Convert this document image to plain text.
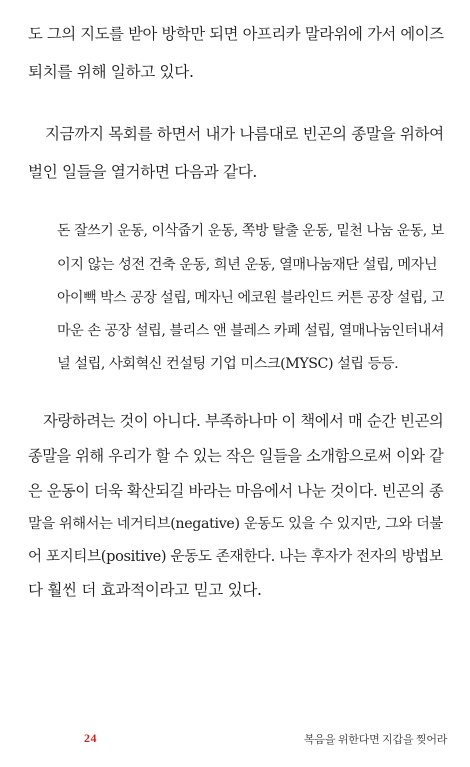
도 그의 지도를 받아 방학만 되면 아프리카 말라위에 가서 에이즈
퇴치를 위해 일하고 있다.
지금까지 목회를 하면서 내가 나름대로 빈곤의 종말을 위하여
벌인 일들을 열거하면 다음과 같다.
돈 잘쓰기 운동, 이삭줍기 운동, 쪽방 탈출 운동, 밑천 나눔 운동, 보
이지 않는 성전 건축 운동, 희년 운동, 열매나눔재단 설립, 메자닌
아이빽 박스 공장 설립, 메자닌 에코원 블라인드 커튼 공장 설립, 고
마운 손 공장 설립, 블리스 앤 블레스 카페 설립, 열매나눔인터내셔
널 설립, 사회혁신 컨설팅 기업 미스크(MYSC) 설립 등등.
자랑하려는 것이 아니다. 부족하나마 이 책에서 매 순간 빈곤의
종말을 위해 우리가 할 수 있는 작은 일들을 소개함으로써 이와 같
은 운동이 더욱 확산되길 바라는 마음에서 나눈 것이다. 빈곤의 종
말을 위해서는 네거티브(negative) 운동도 있을 수 있지만, 그와 더불
어 포지티브(positive) 운동도 존재한다. 나는 후자가 전자의 방법보
다 훨씬 더 효과적이라고 믿고 있다.
24	복음을 위한다면 지갑을 찢어라
